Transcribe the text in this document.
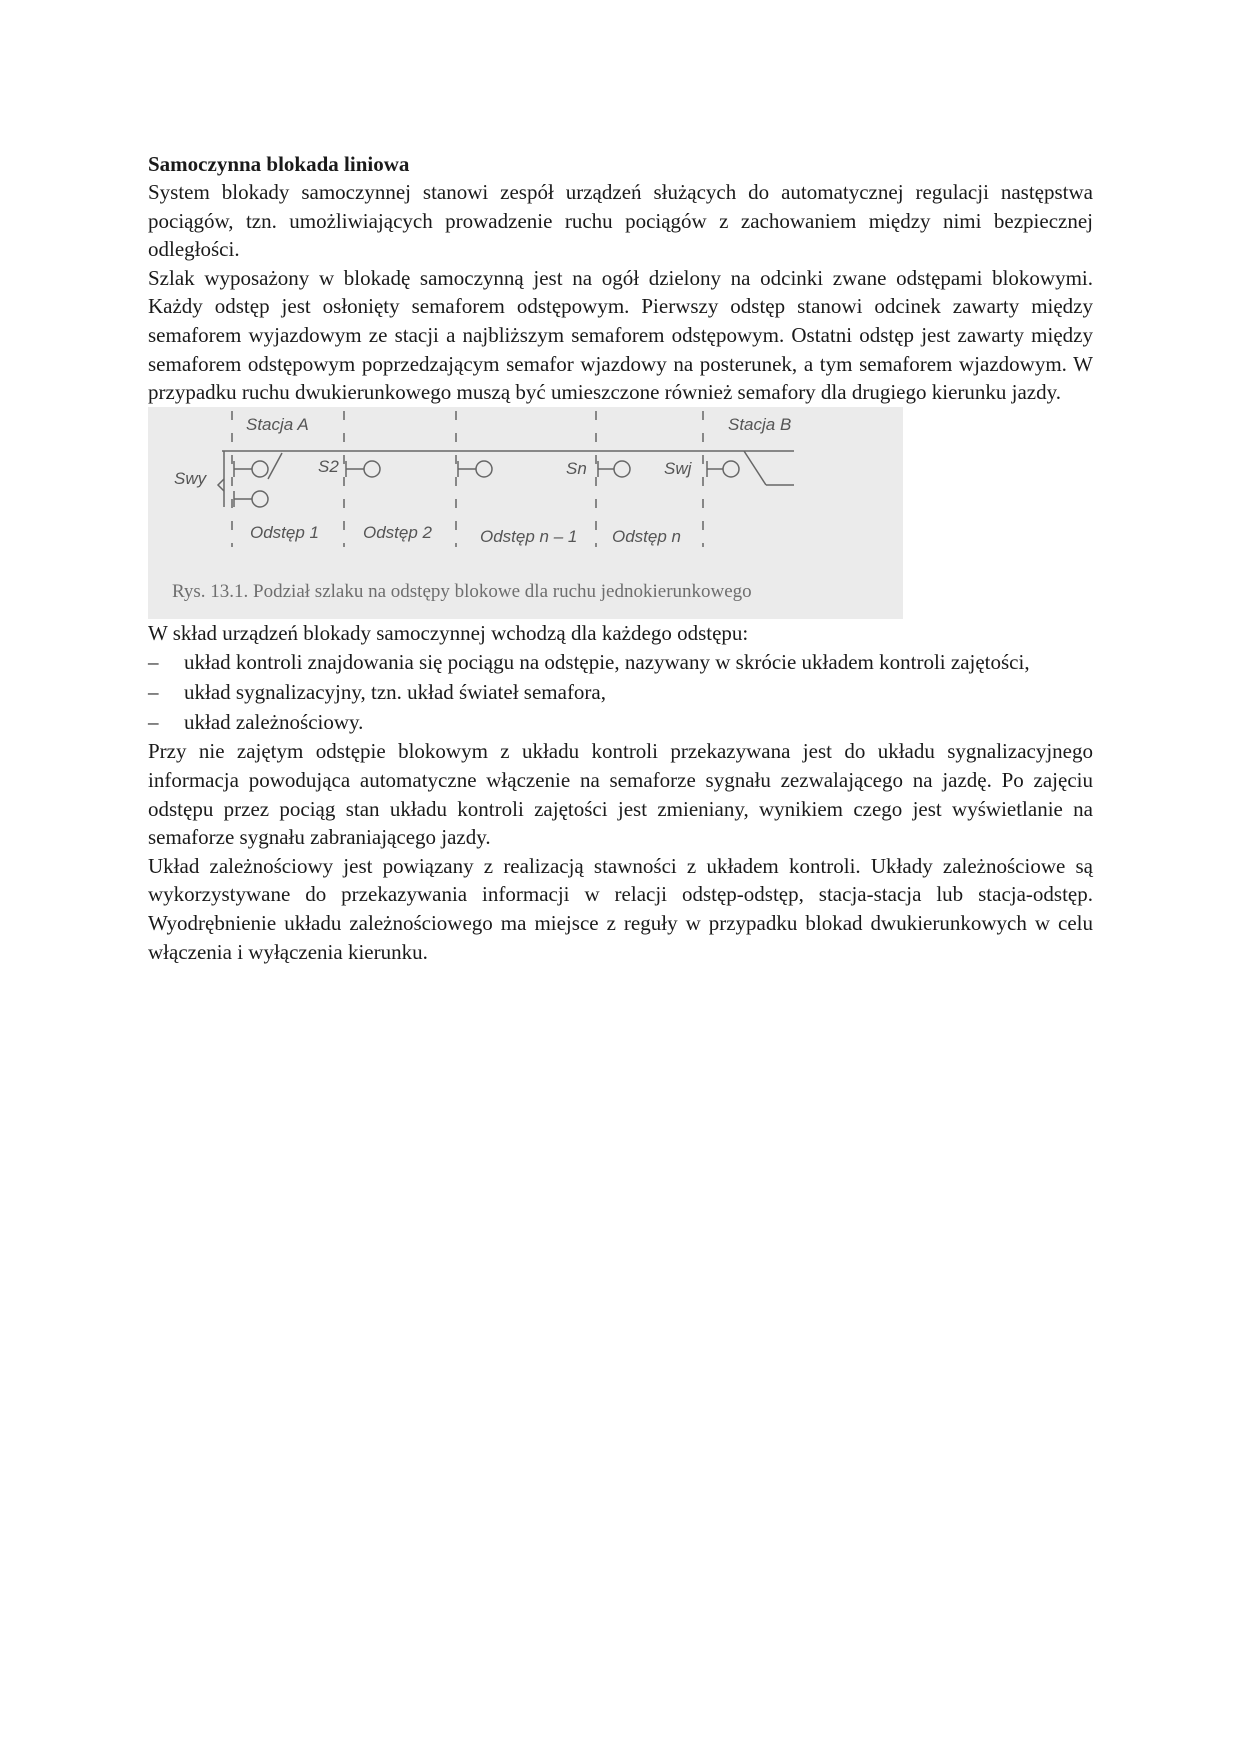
Samoczynna blokada liniowa

System blokady samoczynnej stanowi zespół urządzeń służących do automatycznej regulacji następstwa pociągów, tzn. umożliwiających prowadzenie ruchu pociągów z zachowaniem między nimi bezpiecznej odległości.

Szlak wyposażony w blokadę samoczynną jest na ogół dzielony na odcinki zwane odstępami blokowymi. Każdy odstęp jest osłonięty semaforem odstępowym. Pierwszy odstęp stanowi odcinek zawarty między semaforem wyjazdowym ze stacji a najbliższym semaforem odstępowym. Ostatni odstęp jest zawarty między semaforem odstępowym poprzedzającym semafor wjazdowy na posterunek, a tym semaforem wjazdowym. W przypadku ruchu dwukierunkowego muszą być umieszczone również semafory dla drugiego kierunku jazdy.

Stacja A	Stacja B
Swy
S2	Sn	Swj
Odstęp 1	Odstęp 2	Odstęp n – 1 Odstęp n
Rys. 13.1. Podział szlaku na odstępy blokowe dla ruchu jednokierunkowego

W skład urządzeń blokady samoczynnej wchodzą dla każdego odstępu:

– układ kontroli znajdowania się pociągu na odstępie, nazywany w skrócie układem kontroli zajętości,
– układ sygnalizacyjny, tzn. układ świateł semafora,
– układ zależnościowy.

Przy nie zajętym odstępie blokowym z układu kontroli przekazywana jest do układu sygnalizacyjnego informacja powodująca automatyczne włączenie na semaforze sygnału zezwalającego na jazdę. Po zajęciu odstępu przez pociąg stan układu kontroli zajętości jest zmieniany, wynikiem czego jest wyświetlanie na semaforze sygnału zabraniającego jazdy.

Układ zależnościowy jest powiązany z realizacją stawności z układem kontroli. Układy zależnościowe są wykorzystywane do przekazywania informacji w relacji odstęp-odstęp, stacja-stacja lub stacja-odstęp. Wyodrębnienie układu zależnościowego ma miejsce z reguły w przypadku blokad dwukierunkowych w celu włączenia i wyłączenia kierunku.
